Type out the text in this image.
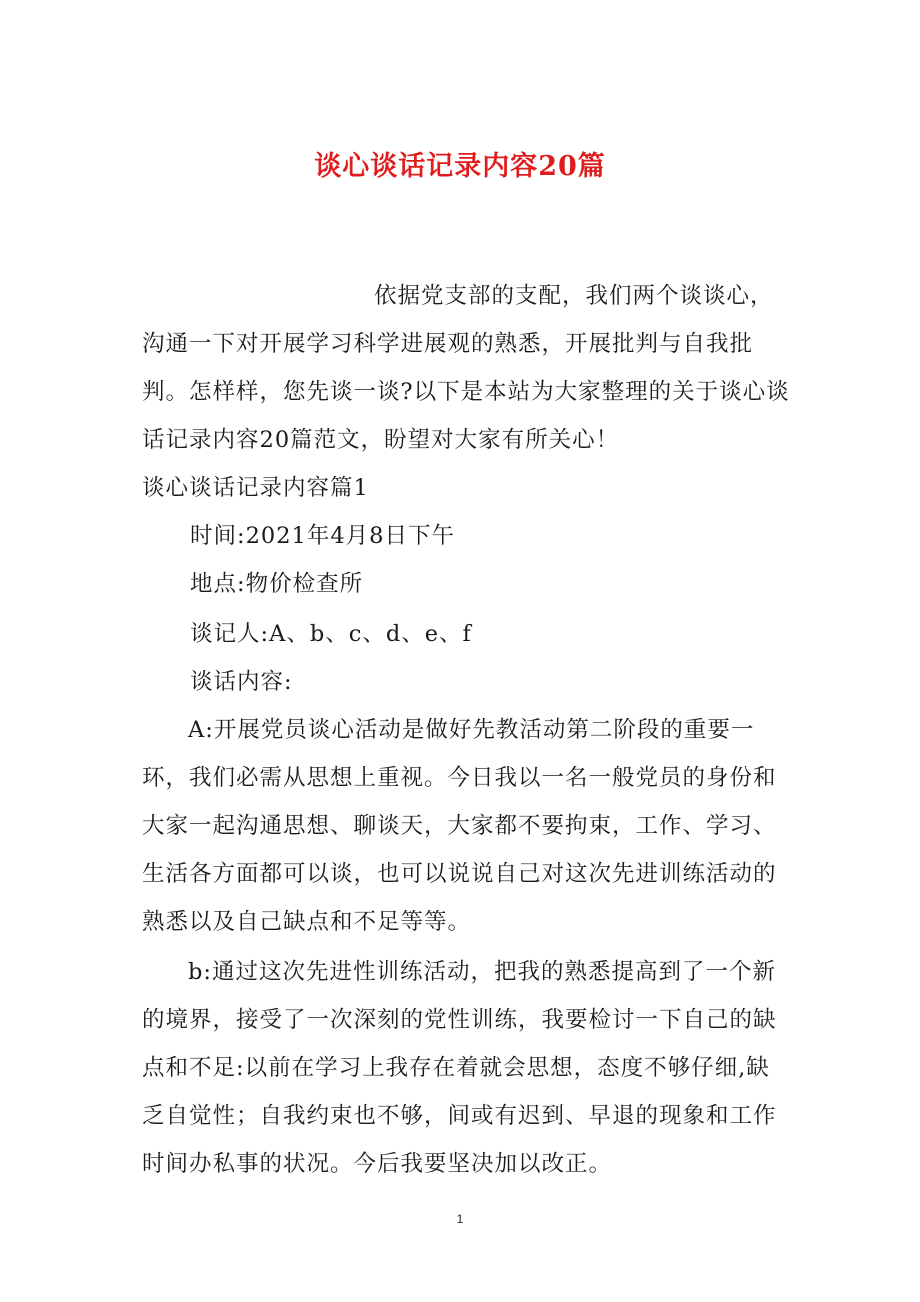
谈心谈话记录内容20篇

依据党支部的支配，我们两个谈谈心，沟通一下对开展学习科学进展观的熟悉，开展批判与自我批判。怎样样，您先谈一谈?以下是本站为大家整理的关于谈心谈话记录内容20篇范文，盼望对大家有所关心！

谈心谈话记录内容篇1

时间:2021年4月8日下午

地点:物价检查所

谈记人:A、b、c、d、e、f

谈话内容:

A:开展党员谈心活动是做好先教活动第二阶段的重要一环，我们必需从思想上重视。今日我以一名一般党员的身份和大家一起沟通思想、聊谈天，大家都不要拘束，工作、学习、生活各方面都可以谈，也可以说说自己对这次先进训练活动的熟悉以及自己缺点和不足等等。

b:通过这次先进性训练活动，把我的熟悉提高到了一个新的境界，接受了一次深刻的党性训练，我要检讨一下自己的缺点和不足:以前在学习上我存在着就会思想，态度不够仔细,缺乏自觉性；自我约束也不够，间或有迟到、早退的现象和工作时间办私事的状况。今后我要坚决加以改正。

1
